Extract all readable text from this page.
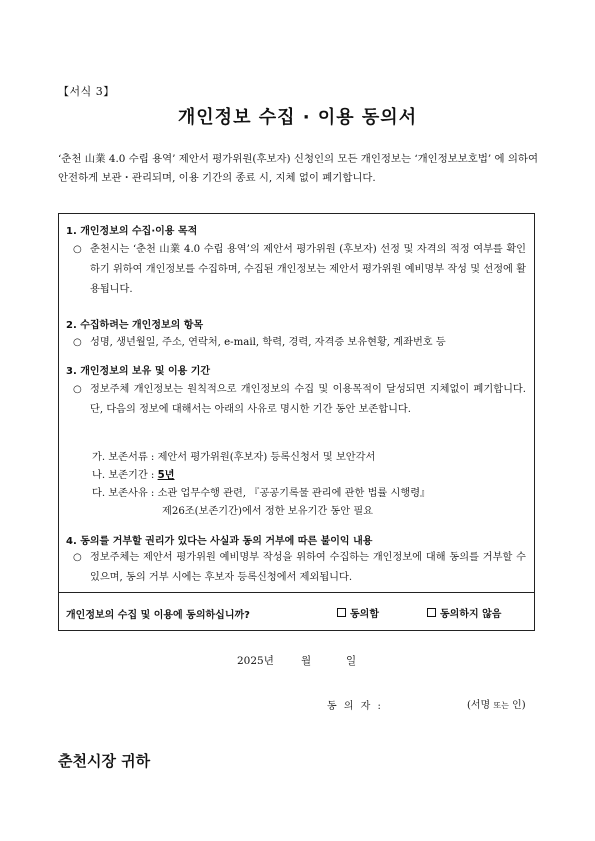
【서식 3】
개인정보 수집 · 이용 동의서
‘춘천 山業 4.0 수립 용역’ 제안서 평가위원(후보자) 신청인의 모든 개인정보는 ‘개인정보보호법’ 에 의하여 안전하게 보관・관리되며, 이용 기간의 종료 시, 지체 없이 폐기합니다.
1. 개인정보의 수집·이용 목적
○ 춘천시는 ‘춘천 山業 4.0 수립 용역’의 제안서 평가위원 (후보자) 선정 및 자격의 적정 여부를 확인하기 위하여 개인정보를 수집하며, 수집된 개인정보는 제안서 평가위원 예비명부 작성 및 선정에 활용됩니다.
2. 수집하려는 개인정보의 항목
○ 성명, 생년월일, 주소, 연락처, e-mail, 학력, 경력, 자격증 보유현황, 계좌번호 등
3. 개인정보의 보유 및 이용 기간
○ 정보주체 개인정보는 원칙적으로 개인정보의 수집 및 이용목적이 달성되면 지체없이 폐기합니다. 단, 다음의 정보에 대해서는 아래의 사유로 명시한 기간 동안 보존합니다.
가. 보존서류 : 제안서 평가위원(후보자) 등록신청서 및 보안각서
나. 보존기간 : 5년
다. 보존사유 : 소관 업무수행 관련, 『공공기록물 관리에 관한 법률 시행령』
제26조(보존기간)에서 정한 보유기간 동안 필요
4. 동의를 거부할 권리가 있다는 사실과 동의 거부에 따른 불이익 내용
○ 정보주체는 제안서 평가위원 예비명부 작성을 위하여 수집하는 개인정보에 대해 동의를 거부할 수 있으며, 동의 거부 시에는 후보자 등록신청에서 제외됩니다.
개인정보의 수집 및 이용에 동의하십니까?	동의함	동의하지 않음
2025년	월	일
동 의 자 :	(서명 또는 인)
춘천시장 귀하
